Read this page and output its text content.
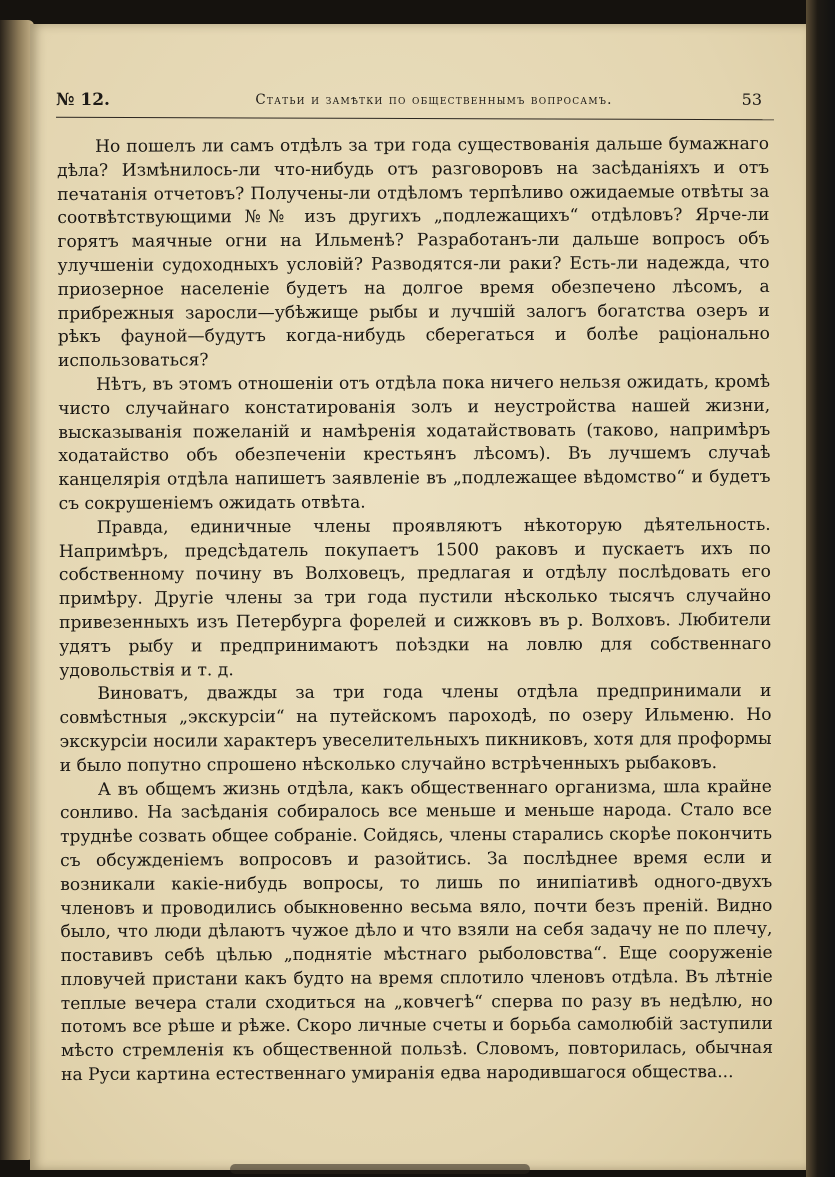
№ 12.	Статьи и замѣтки по общественнымъ вопросамъ.	53

Но пошелъ ли самъ отдѣлъ за три года существованія дальше бумажнаго дѣла? Измѣнилось-ли что-нибудь отъ разговоровъ на засѣданіяхъ и отъ печатанія отчетовъ? Получены-ли отдѣломъ терпѣливо ожидаемые отвѣты за соотвѣтствующими №№ изъ другихъ „подлежащихъ“ отдѣловъ? Ярче-ли горятъ маячные огни на Ильменѣ? Разработанъ-ли дальше вопросъ объ улучшеніи судоходныхъ условій? Разводятся-ли раки? Есть-ли надежда, что приозерное населеніе будетъ на долгое время обезпечено лѣсомъ, а прибрежныя заросли—убѣжище рыбы и лучшій залогъ богатства озеръ и рѣкъ фауной—будутъ когда-нибудь сберегаться и болѣе раціонально использоваться?

Нѣтъ, въ этомъ отношеніи отъ отдѣла пока ничего нельзя ожидать, кромѣ чисто случайнаго констатированія золъ и неустройства нашей жизни, высказыванія пожеланій и намѣренія ходатайствовать (таково, напримѣръ ходатайство объ обезпеченіи крестьянъ лѣсомъ). Въ лучшемъ случаѣ канцелярія отдѣла напишетъ заявленіе въ „подлежащее вѣдомство“ и будетъ съ сокрушеніемъ ожидать отвѣта.

Правда, единичные члены проявляютъ нѣкоторую дѣятельность. Напримѣръ, предсѣдатель покупаетъ 1500 раковъ и пускаетъ ихъ по собственному почину въ Волховецъ, предлагая и отдѣлу послѣдовать его примѣру. Другіе члены за три года пустили нѣсколько тысячъ случайно привезенныхъ изъ Петербурга форелей и сижковъ въ р. Волховъ. Любители удятъ рыбу и предпринимаютъ поѣздки на ловлю для собственнаго удовольствія и т. д.

Виноватъ, дважды за три года члены отдѣла предпринимали и совмѣстныя „экскурсіи“ на путейскомъ пароходѣ, по озеру Ильменю. Но экскурсіи носили характеръ увеселительныхъ пикниковъ, хотя для проформы и было попутно спрошено нѣсколько случайно встрѣченныхъ рыбаковъ.

А въ общемъ жизнь отдѣла, какъ общественнаго организма, шла крайне сонливо. На засѣданія собиралось все меньше и меньше народа. Стало все труднѣе созвать общее собраніе. Сойдясь, члены старались скорѣе покончить съ обсужденіемъ вопросовъ и разойтись. За послѣднее время если и возникали какіе-нибудь вопросы, то лишь по инипіативѣ одного-двухъ членовъ и проводились обыкновенно весьма вяло, почти безъ преній. Видно было, что люди дѣлаютъ чужое дѣло и что взяли на себя задачу не по плечу, поставивъ себѣ цѣлью „поднятіе мѣстнаго рыболовства“. Еще сооруженіе пловучей пристани какъ будто на время сплотило членовъ отдѣла. Въ лѣтніе теплые вечера стали сходиться на „ковчегѣ“ сперва по разу въ недѣлю, но потомъ все рѣше и рѣже. Скоро личные счеты и борьба самолюбій заступили мѣсто стремленія къ общественной пользѣ. Словомъ, повторилась, обычная на Руси картина естественнаго умиранія едва народившагося общества...
